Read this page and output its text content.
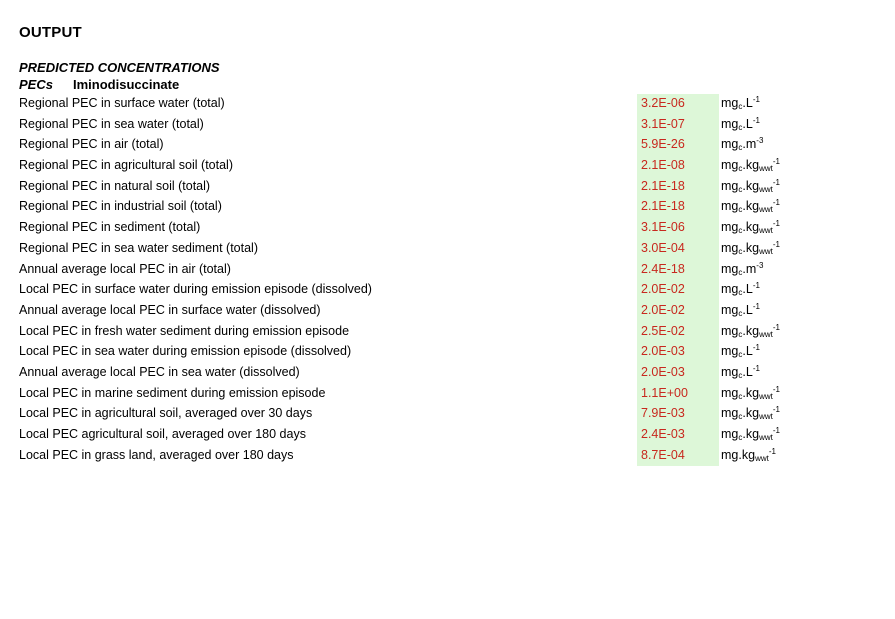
OUTPUT
PREDICTED CONCENTRATIONS
PECs Iminodisuccinate
Regional PEC in surface water (total)	3.2E-06	$mg_c.L^{-1}$
Regional PEC in sea water (total)	3.1E-07	$mg_c.L^{-1}$
Regional PEC in air (total)	5.9E-26	$mg_c.m^{-3}$
Regional PEC in agricultural soil (total)	2.1E-08	$mg_c.kg_{wwt}^{-1}$
Regional PEC in natural soil (total)	2.1E-18	$mg_c.kg_{wwt}^{-1}$
Regional PEC in industrial soil (total)	2.1E-18	$mg_c.kg_{wwt}^{-1}$
Regional PEC in sediment (total)	3.1E-06	$mg_c.kg_{wwt}^{-1}$
Regional PEC in sea water sediment (total)	3.0E-04	$mg_c.kg_{wwt}^{-1}$
Annual average local PEC in air (total)	2.4E-18	$mg_c.m^{-3}$
Local PEC in surface water during emission episode (dissolved)	2.0E-02	$mg_c.L^{-1}$
Annual average local PEC in surface water (dissolved)	2.0E-02	$mg_c.L^{-1}$
Local PEC in fresh water sediment during emission episode	2.5E-02	$mg_c.kg_{wwt}^{-1}$
Local PEC in sea water during emission episode (dissolved)	2.0E-03	$mg_c.L^{-1}$
Annual average local PEC in sea water (dissolved)	2.0E-03	$mg_c.L^{-1}$
Local PEC in marine sediment during emission episode	1.1E+00	$mg_c.kg_{wwt}^{-1}$
Local PEC in agricultural soil, averaged over 30 days	7.9E-03	$mg_c.kg_{wwt}^{-1}$
Local PEC agricultural soil, averaged over 180 days	2.4E-03	$mg_c.kg_{wwt}^{-1}$
Local PEC in grass land, averaged over 180 days	8.7E-04	$mg.kg_{wwt}^{-1}$
